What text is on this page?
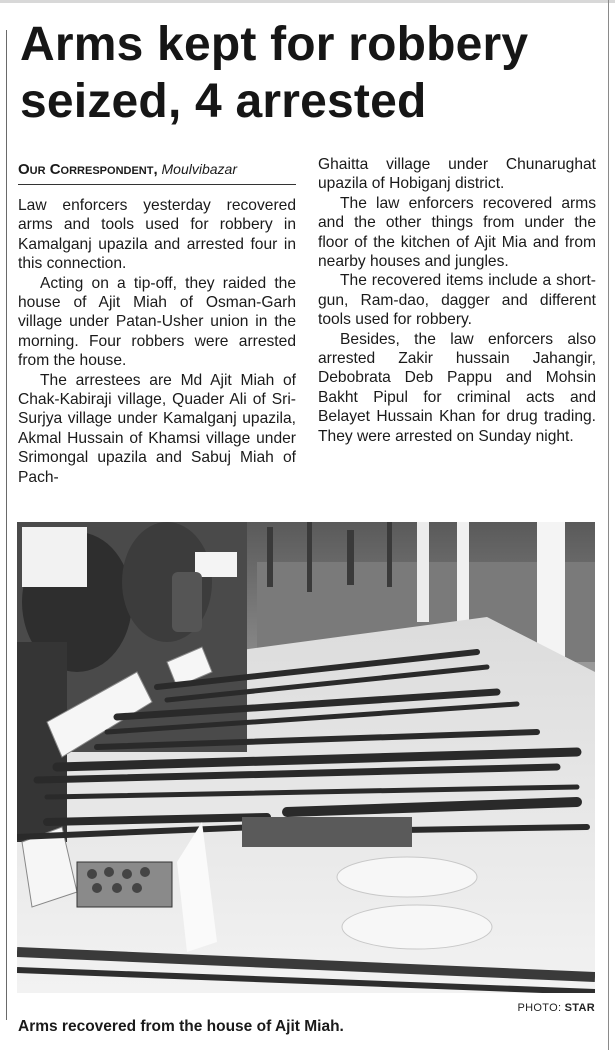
Arms kept for robbery
seized, 4 arrested
Our Correspondent, Moulvibazar

Law enforcers yesterday recovered arms and tools used for robbery in Kamalganj upazila and arrested four in this connection.

Acting on a tip-off, they raided the house of Ajit Miah of Osman-Garh village under Patan-Usher union in the morning. Four robbers were arrested from the house.

The arrestees are Md Ajit Miah of Chak-Kabiraji village, Quader Ali of Sri-Surjya village under Kamalganj upazila, Akmal Hussain of Khamsi village under Srimongal upazila and Sabuj Miah of Pach-

Ghaitta village under Chunarughat upazila of Hobiganj district.

The law enforcers recovered arms and the other things from under the floor of the kitchen of Ajit Mia and from nearby houses and jungles.

The recovered items include a short-gun, Ram-dao, dagger and different tools used for robbery.

Besides, the law enforcers also arrested Zakir hussain Jahangir, Debobrata Deb Pappu and Mohsin Bakht Pipul for criminal acts and Belayet Hussain Khan for drug trading. They were arrested on Sunday night.

PHOTO: STAR
Arms recovered from the house of Ajit Miah.
